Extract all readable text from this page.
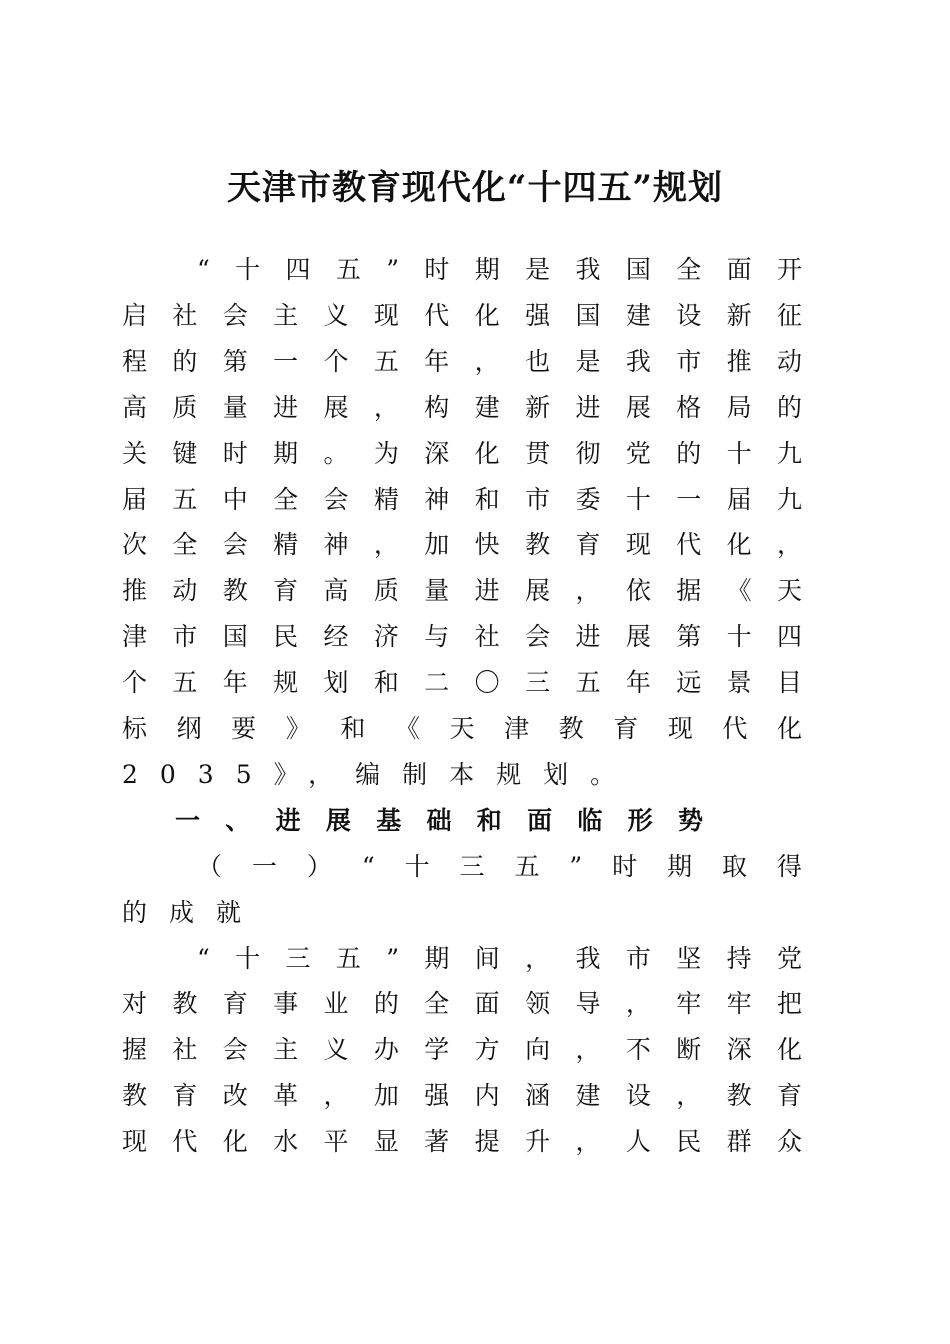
天津市教育现代化“十四五”规划
“十四五”时期是我国全面开
启社会主义现代化强国建设新征
程的第一个五年，也是我市推动
高质量进展，构建新进展格局的
关键时期。为深化贯彻党的十九
届五中全会精神和市委十一届九
次全会精神，加快教育现代化，
推动教育高质量进展，依据《天
津市国民经济与社会进展第十四
个五年规划和二〇三五年远景目
标纲要》和《天津教育现代化
2035》，编制本规划。
一、进展基础和面临形势
（一）“十三五”时期取得
的成就
“十三五”期间，我市坚持党
对教育事业的全面领导，牢牢把
握社会主义办学方向，不断深化
教育改革，加强内涵建设，教育
现代化水平显著提升，人民群众
